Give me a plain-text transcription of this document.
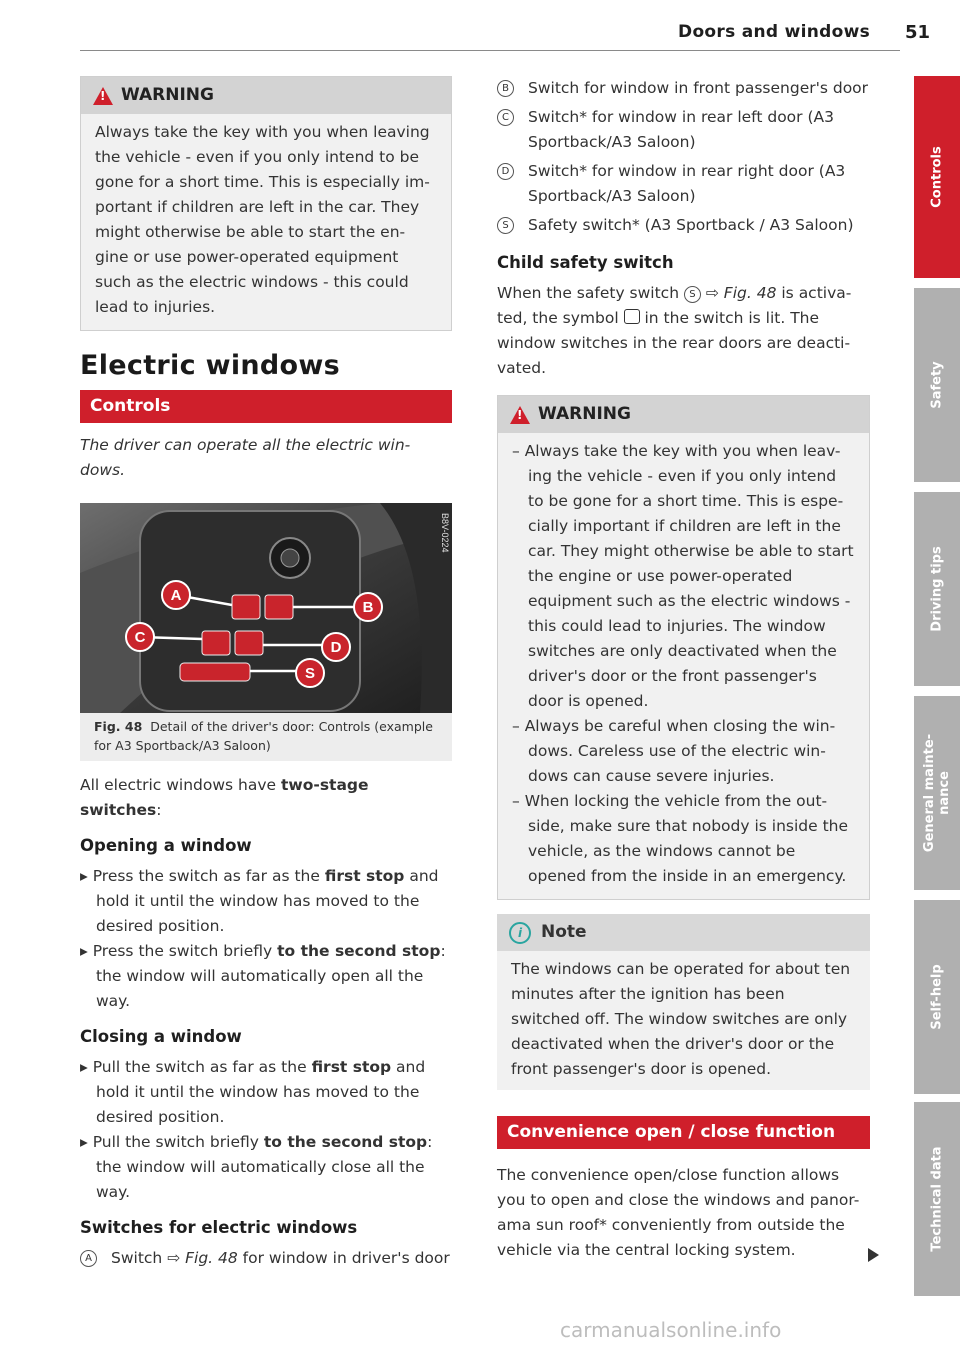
Doors and windows 51
Controls
Safety
Driving tips
General mainte-
nance
Self-help
Technical data
!
WARNING
Always take the key with you when leaving the vehicle - even if you only intend to be gone for a short time. This is especially im-portant if children are left in the car. They might otherwise be able to start the en-gine or use power-operated equipment such as the electric windows - this could lead to injuries.
Electric windows
Controls
The driver can operate all the electric win-dows.
A
B
C
D
S
B8V-0224
Fig. 48 Detail of the driver's door: Controls (example for A3 Sportback/A3 Saloon)
All electric windows have two-stage switches:
Opening a window
▸ Press the switch as far as the first stop and hold it until the window has moved to the desired position.
▸ Press the switch briefly to the second stop: the window will automatically open all the way.
Closing a window
▸ Pull the switch as far as the first stop and hold it until the window has moved to the desired position.
▸ Pull the switch briefly to the second stop: the window will automatically close all the way.
Switches for electric windows
A	Switch ⇨ Fig. 48 for window in driver's door
B	Switch for window in front passenger's door
C	Switch* for window in rear left door (A3 Sportback/A3 Saloon)
D	Switch* for window in rear right door (A3 Sportback/A3 Saloon)
S	Safety switch* (A3 Sportback / A3 Saloon)
Child safety switch
When the safety switch S ⇨ Fig. 48 is activa-ted, the symbol  in the switch is lit. The window switches in the rear doors are deacti-vated.
!
WARNING
– Always take the key with you when leav-ing the vehicle - even if you only intend to be gone for a short time. This is espe-cially important if children are left in the car. They might otherwise be able to start the engine or use power-operated equipment such as the electric windows - this could lead to injuries. The window switches are only deactivated when the driver's door or the front passenger's door is opened.
– Always be careful when closing the win-dows. Careless use of the electric win-dows can cause severe injuries.
– When locking the vehicle from the out-side, make sure that nobody is inside the vehicle, as the windows cannot be opened from the inside in an emergency.
i	Note
The windows can be operated for about ten minutes after the ignition has been switched off. The window switches are only deactivated when the driver's door or the front passenger's door is opened.
Convenience open / close function
The convenience open/close function allows you to open and close the windows and panor-ama sun roof* conveniently from outside the vehicle via the central locking system.
carmanualsonline.info
